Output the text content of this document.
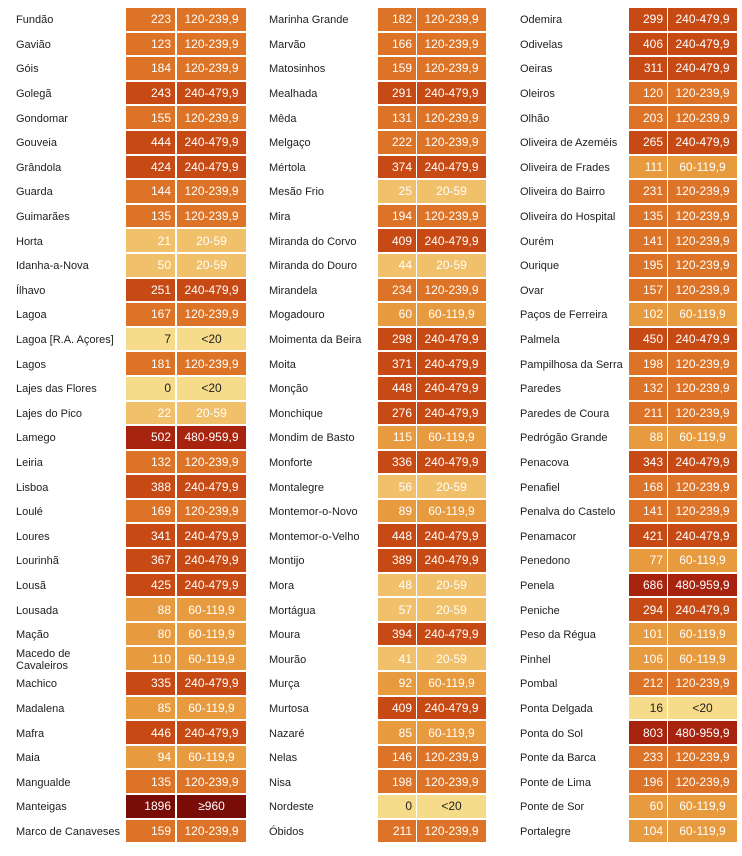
Fundão	223	120-239,9
Gavião	123	120-239,9
Góis	184	120-239,9
Golegã	243	240-479,9
Gondomar	155	120-239,9
Gouveia	444	240-479,9
Grândola	424	240-479,9
Guarda	144	120-239,9
Guimarães	135	120-239,9
Horta	21	20-59
Idanha-a-Nova	50	20-59
Ílhavo	251	240-479,9
Lagoa	167	120-239,9
Lagoa [R.A. Açores]	7	<20
Lagos	181	120-239,9
Lajes das Flores	0	<20
Lajes do Pico	22	20-59
Lamego	502	480-959,9
Leiria	132	120-239,9
Lisboa	388	240-479,9
Loulé	169	120-239,9
Loures	341	240-479,9
Lourinhã	367	240-479,9
Lousã	425	240-479,9
Lousada	88	60-119,9
Mação	80	60-119,9
Macedo de
Cavaleiros	110	60-119,9
Machico	335	240-479,9
Madalena	85	60-119,9
Mafra	446	240-479,9
Maia	94	60-119,9
Mangualde	135	120-239,9
Manteigas	1896	≥960
Marco de Canaveses	159	120-239,9
Marinha Grande	182	120-239,9
Marvão	166	120-239,9
Matosinhos	159	120-239,9
Mealhada	291	240-479,9
Mêda	131	120-239,9
Melgaço	222	120-239,9
Mértola	374	240-479,9
Mesão Frio	25	20-59
Mira	194	120-239,9
Miranda do Corvo	409	240-479,9
Miranda do Douro	44	20-59
Mirandela	234	120-239,9
Mogadouro	60	60-119,9
Moimenta da Beira	298	240-479,9
Moita	371	240-479,9
Monção	448	240-479,9
Monchique	276	240-479,9
Mondim de Basto	115	60-119,9
Monforte	336	240-479,9
Montalegre	56	20-59
Montemor-o-Novo	89	60-119,9
Montemor-o-Velho	448	240-479,9
Montijo	389	240-479,9
Mora	48	20-59
Mortágua	57	20-59
Moura	394	240-479,9
Mourão	41	20-59
Murça	92	60-119,9
Murtosa	409	240-479,9
Nazaré	85	60-119,9
Nelas	146	120-239,9
Nisa	198	120-239,9
Nordeste	0	<20
Óbidos	211	120-239,9
Odemira	299	240-479,9
Odivelas	406	240-479,9
Oeiras	311	240-479,9
Oleiros	120	120-239,9
Olhão	203	120-239,9
Oliveira de Azeméis	265	240-479,9
Oliveira de Frades	111	60-119,9
Oliveira do Bairro	231	120-239,9
Oliveira do Hospital	135	120-239,9
Ourém	141	120-239,9
Ourique	195	120-239,9
Ovar	157	120-239,9
Paços de Ferreira	102	60-119,9
Palmela	450	240-479,9
Pampilhosa da Serra	198	120-239,9
Paredes	132	120-239,9
Paredes de Coura	211	120-239,9
Pedrógão Grande	88	60-119,9
Penacova	343	240-479,9
Penafiel	168	120-239,9
Penalva do Castelo	141	120-239,9
Penamacor	421	240-479,9
Penedono	77	60-119,9
Penela	686	480-959,9
Peniche	294	240-479,9
Peso da Régua	101	60-119,9
Pinhel	106	60-119,9
Pombal	212	120-239,9
Ponta Delgada	16	<20
Ponta do Sol	803	480-959,9
Ponte da Barca	233	120-239,9
Ponte de Lima	196	120-239,9
Ponte de Sor	60	60-119,9
Portalegre	104	60-119,9
